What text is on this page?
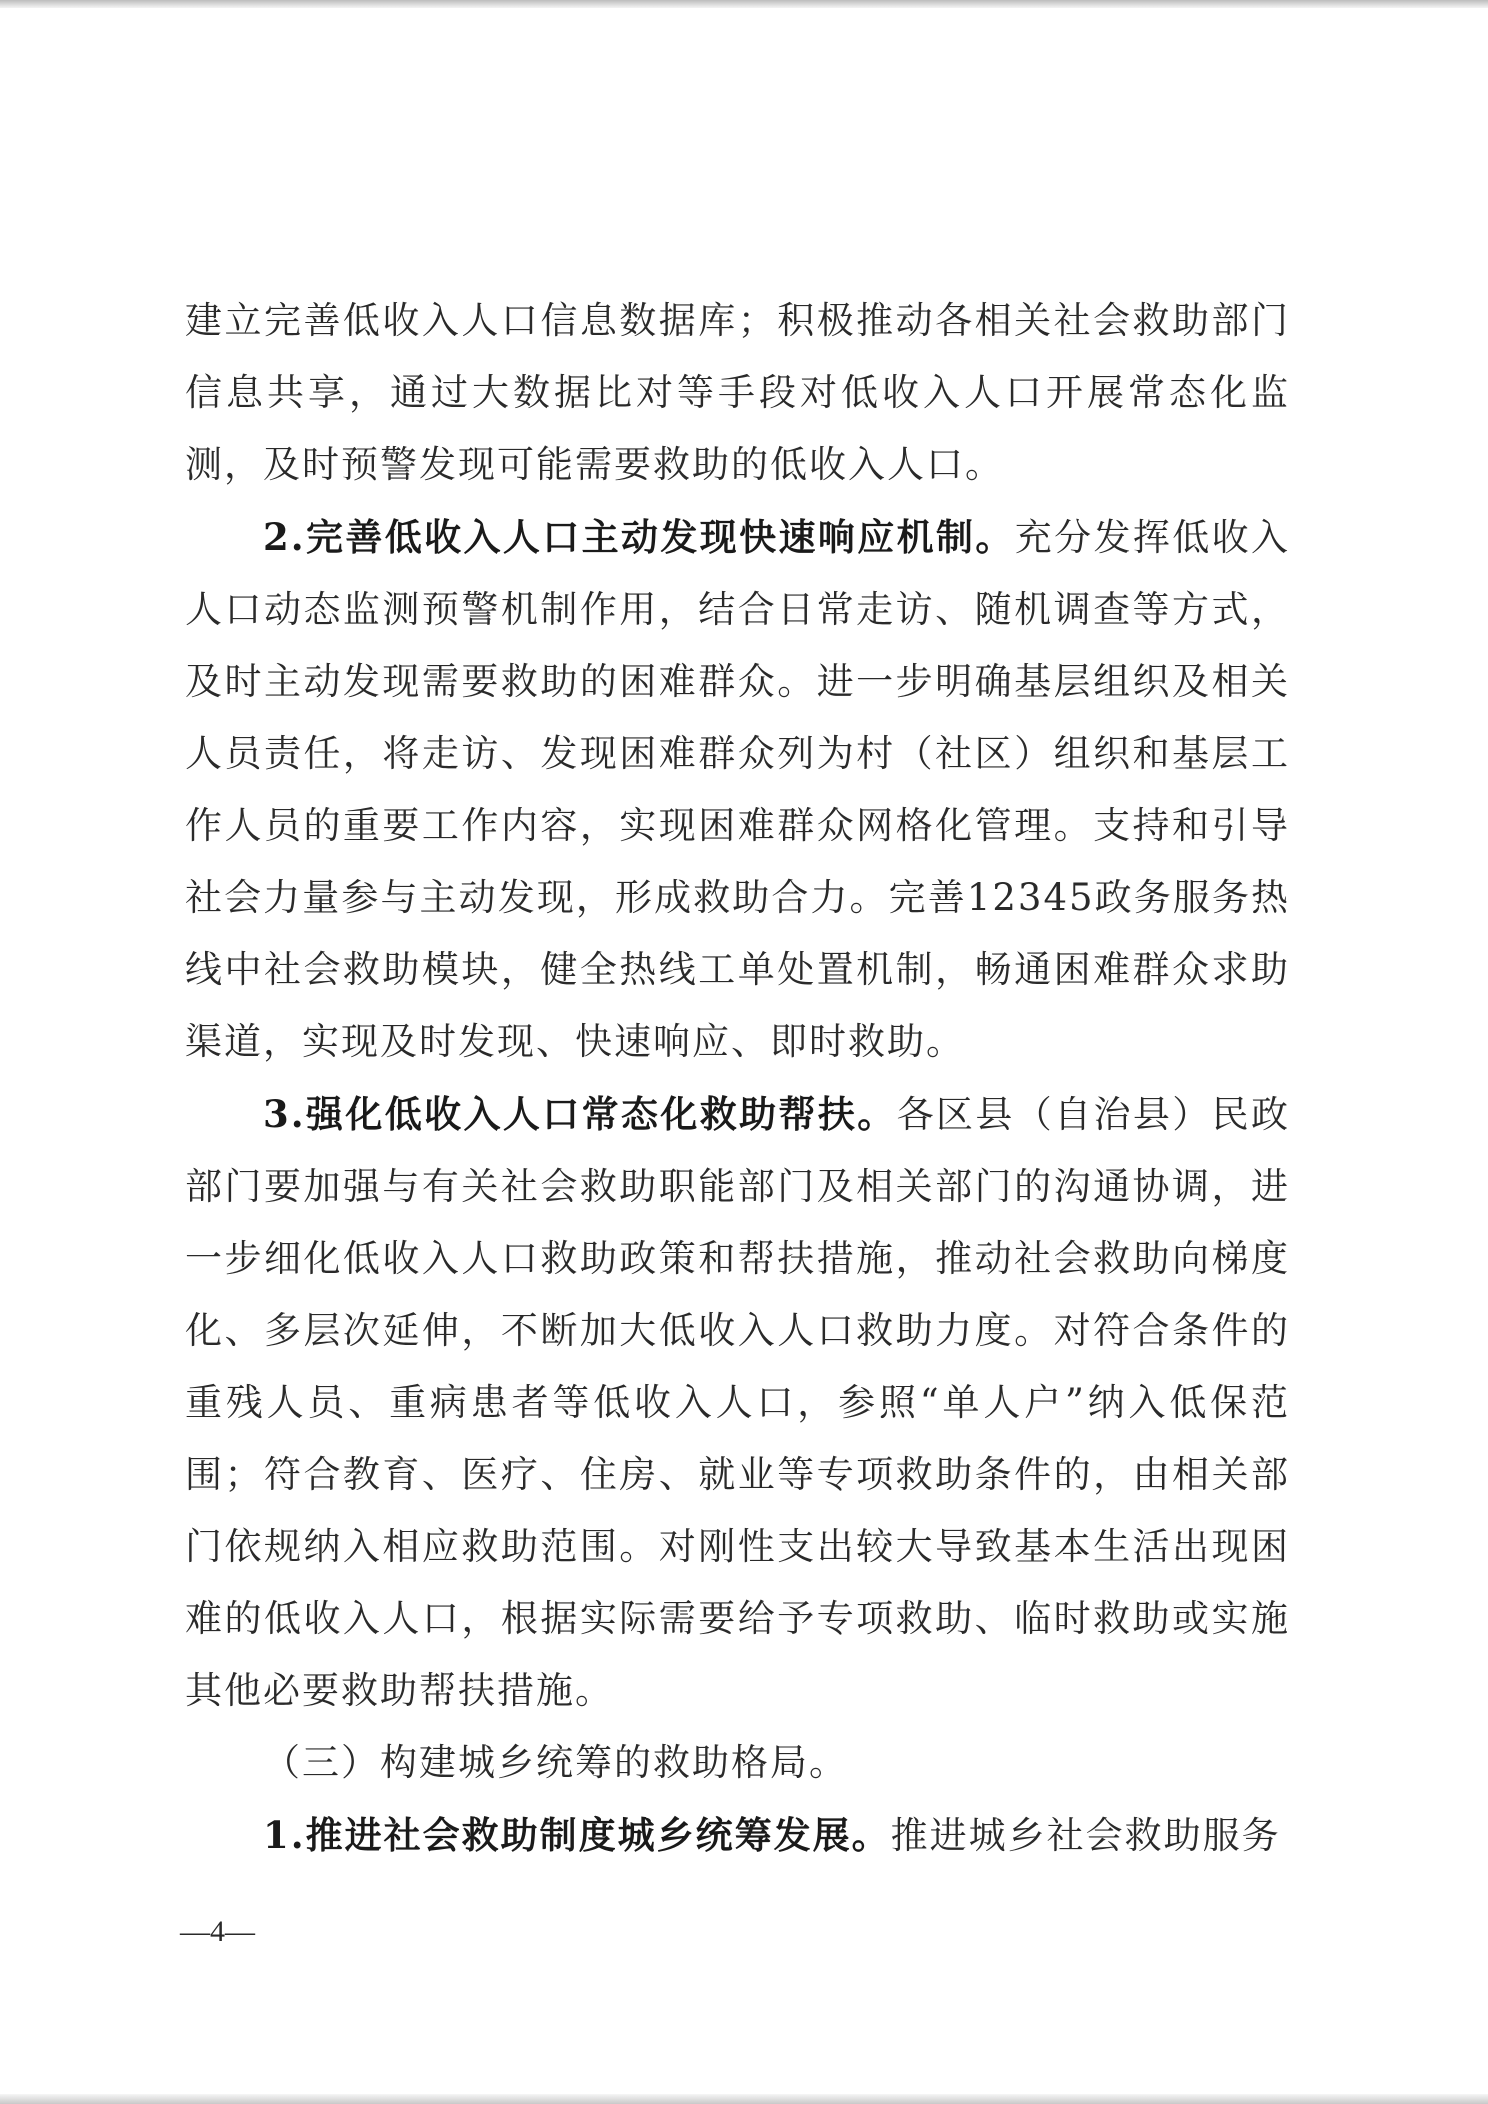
建立完善低收入人口信息数据库；积极推动各相关社会救助部门信息共享，通过大数据比对等手段对低收入人口开展常态化监测，及时预警发现可能需要救助的低收入人口。

2.完善低收入人口主动发现快速响应机制。充分发挥低收入人口动态监测预警机制作用，结合日常走访、随机调查等方式，及时主动发现需要救助的困难群众。进一步明确基层组织及相关人员责任，将走访、发现困难群众列为村（社区）组织和基层工作人员的重要工作内容，实现困难群众网格化管理。支持和引导社会力量参与主动发现，形成救助合力。完善12345政务服务热线中社会救助模块，健全热线工单处置机制，畅通困难群众求助渠道，实现及时发现、快速响应、即时救助。

3.强化低收入人口常态化救助帮扶。各区县（自治县）民政部门要加强与有关社会救助职能部门及相关部门的沟通协调，进一步细化低收入人口救助政策和帮扶措施，推动社会救助向梯度化、多层次延伸，不断加大低收入人口救助力度。对符合条件的重残人员、重病患者等低收入人口，参照“单人户”纳入低保范围；符合教育、医疗、住房、就业等专项救助条件的，由相关部门依规纳入相应救助范围。对刚性支出较大导致基本生活出现困难的低收入人口，根据实际需要给予专项救助、临时救助或实施其他必要救助帮扶措施。

（三）构建城乡统筹的救助格局。

1.推进社会救助制度城乡统筹发展。推进城乡社会救助服务

—4—
